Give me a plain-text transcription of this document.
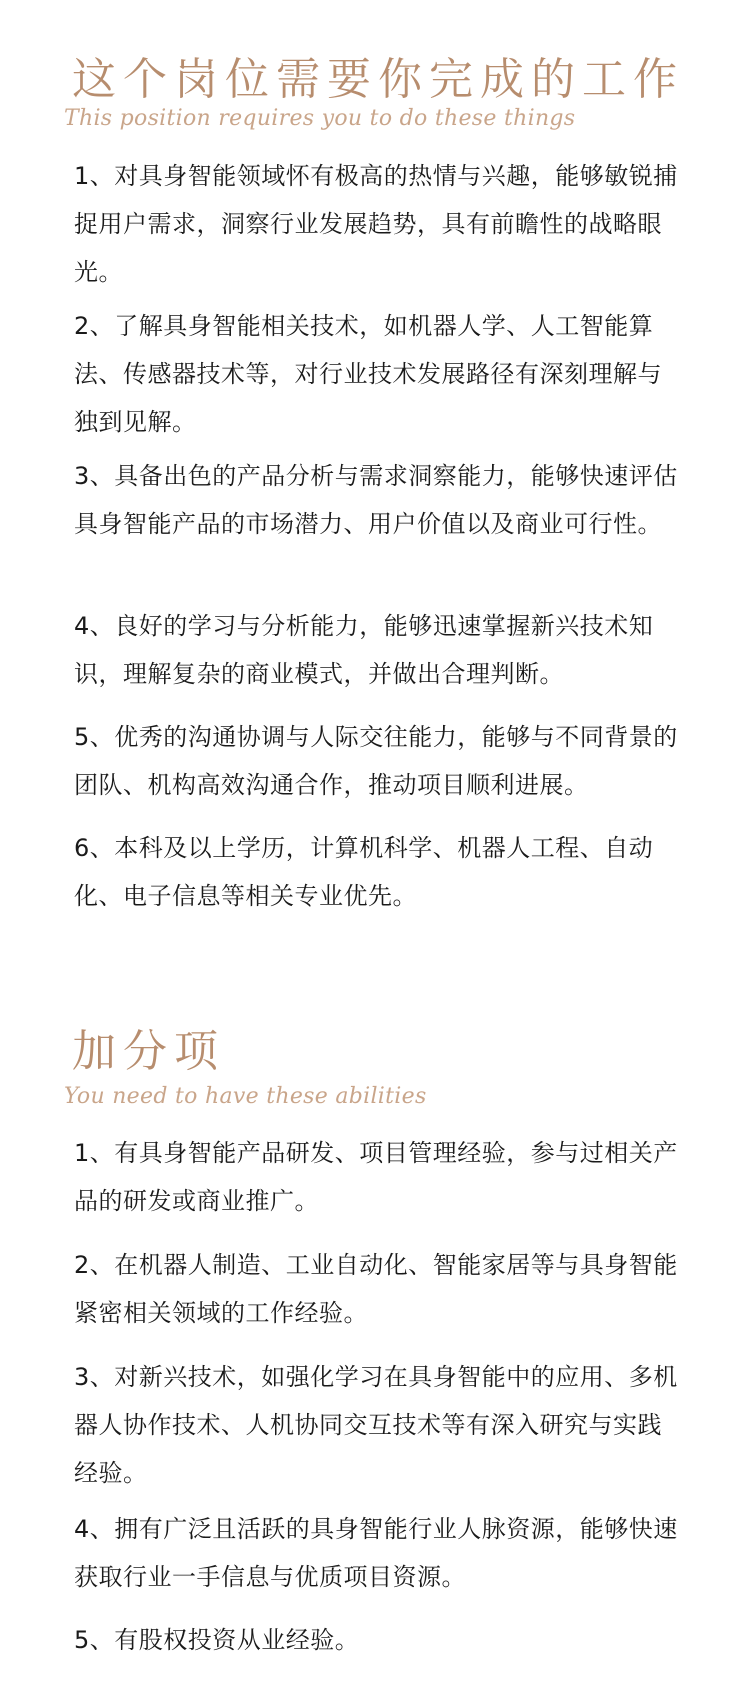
这个岗位需要你完成的工作
This position requires you to do these things

1、对具身智能领域怀有极高的热情与兴趣，能够敏锐捕捉用户需求，洞察行业发展趋势，具有前瞻性的战略眼光。

2、了解具身智能相关技术，如机器人学、人工智能算法、传感器技术等，对行业技术发展路径有深刻理解与独到见解。

3、具备出色的产品分析与需求洞察能力，能够快速评估具身智能产品的市场潜力、用户价值以及商业可行性。

4、良好的学习与分析能力，能够迅速掌握新兴技术知识，理解复杂的商业模式，并做出合理判断。

5、优秀的沟通协调与人际交往能力，能够与不同背景的团队、机构高效沟通合作，推动项目顺利进展。

6、本科及以上学历，计算机科学、机器人工程、自动化、电子信息等相关专业优先。

加分项
You need to have these abilities

1、有具身智能产品研发、项目管理经验，参与过相关产品的研发或商业推广。

2、在机器人制造、工业自动化、智能家居等与具身智能紧密相关领域的工作经验。

3、对新兴技术，如强化学习在具身智能中的应用、多机器人协作技术、人机协同交互技术等有深入研究与实践经验。

4、拥有广泛且活跃的具身智能行业人脉资源，能够快速获取行业一手信息与优质项目资源。

5、有股权投资从业经验。
